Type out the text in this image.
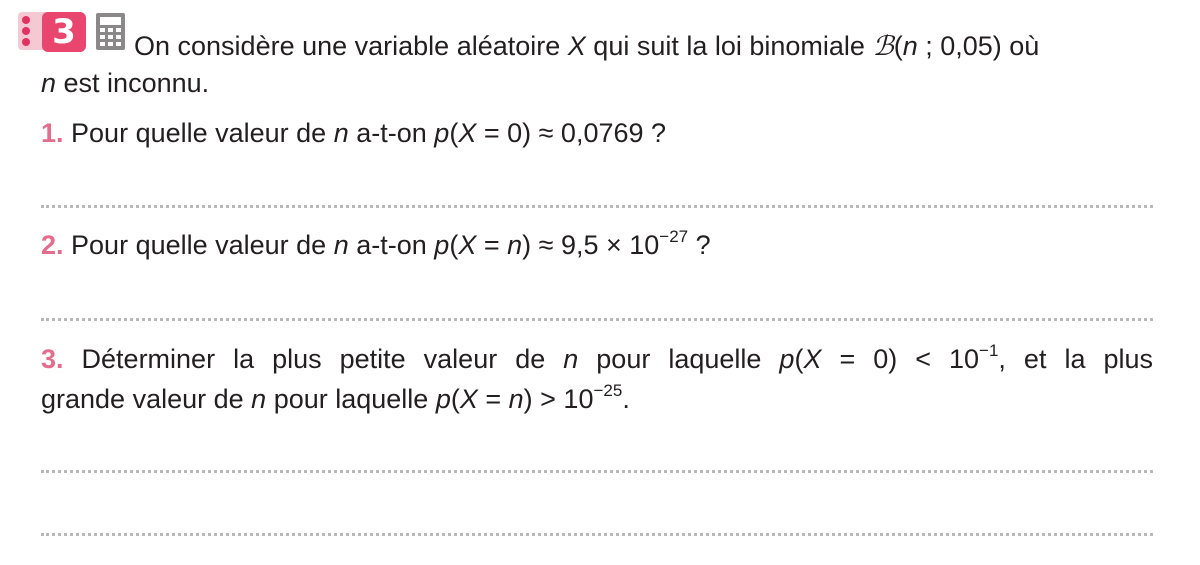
3	On considère une variable aléatoire X qui suit la loi binomiale ℬ(n ; 0,05) où
n est inconnu.
1. Pour quelle valeur de n a-t-on p(X = 0) ≈ 0,0769 ?
2. Pour quelle valeur de n a-t-on $p(X = n) \approx 9,5 \times 10^{-27}$ ?
3. Déterminer la plus petite valeur de n pour laquelle $p(X = 0) < 10^{-1}$, et la plus
grande valeur de n pour laquelle $p(X = n) > 10^{-25}$.
